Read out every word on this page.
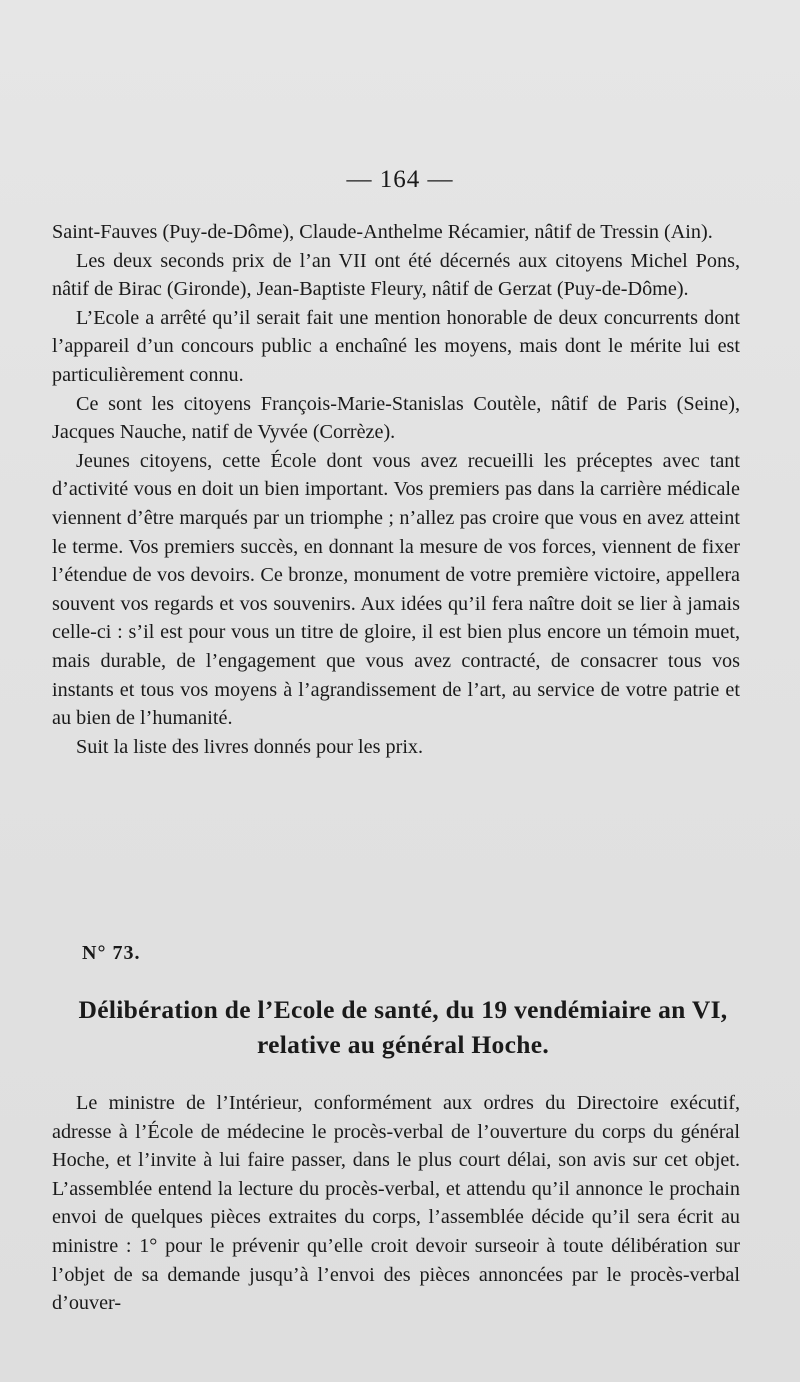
— 164 —

Saint-Fauves (Puy-de-Dôme), Claude-Anthelme Récamier, nâtif de Tressin (Ain).

Les deux seconds prix de l’an VII ont été décernés aux citoyens Michel Pons, nâtif de Birac (Gironde), Jean-Baptiste Fleury, nâtif de Gerzat (Puy-de-Dôme).

L’Ecole a arrêté qu’il serait fait une mention honorable de deux concurrents dont l’appareil d’un concours public a enchaîné les moyens, mais dont le mérite lui est particulièrement connu.

Ce sont les citoyens François-Marie-Stanislas Coutèle, nâtif de Paris (Seine), Jacques Nauche, natif de Vyvée (Corrèze).

Jeunes citoyens, cette École dont vous avez recueilli les préceptes avec tant d’activité vous en doit un bien important. Vos premiers pas dans la carrière médicale viennent d’être marqués par un triomphe ; n’allez pas croire que vous en avez atteint le terme. Vos premiers succès, en donnant la mesure de vos forces, viennent de fixer l’étendue de vos devoirs. Ce bronze, monument de votre première victoire, appellera souvent vos regards et vos souvenirs. Aux idées qu’il fera naître doit se lier à jamais celle-ci : s’il est pour vous un titre de gloire, il est bien plus encore un témoin muet, mais durable, de l’engagement que vous avez contracté, de consacrer tous vos instants et tous vos moyens à l’agrandissement de l’art, au service de votre patrie et au bien de l’humanité.

Suit la liste des livres donnés pour les prix.

N° 73.
Délibération de l’Ecole de santé, du 19 vendémiaire an VI, relative au général Hoche.

Le ministre de l’Intérieur, conformément aux ordres du Directoire exécutif, adresse à l’École de médecine le procès-verbal de l’ouverture du corps du général Hoche, et l’invite à lui faire passer, dans le plus court délai, son avis sur cet objet. L’assemblée entend la lecture du procès-verbal, et attendu qu’il annonce le prochain envoi de quelques pièces extraites du corps, l’assemblée décide qu’il sera écrit au ministre : 1° pour le prévenir qu’elle croit devoir surseoir à toute délibération sur l’objet de sa demande jusqu’à l’envoi des pièces annoncées par le procès-verbal d’ouver-
